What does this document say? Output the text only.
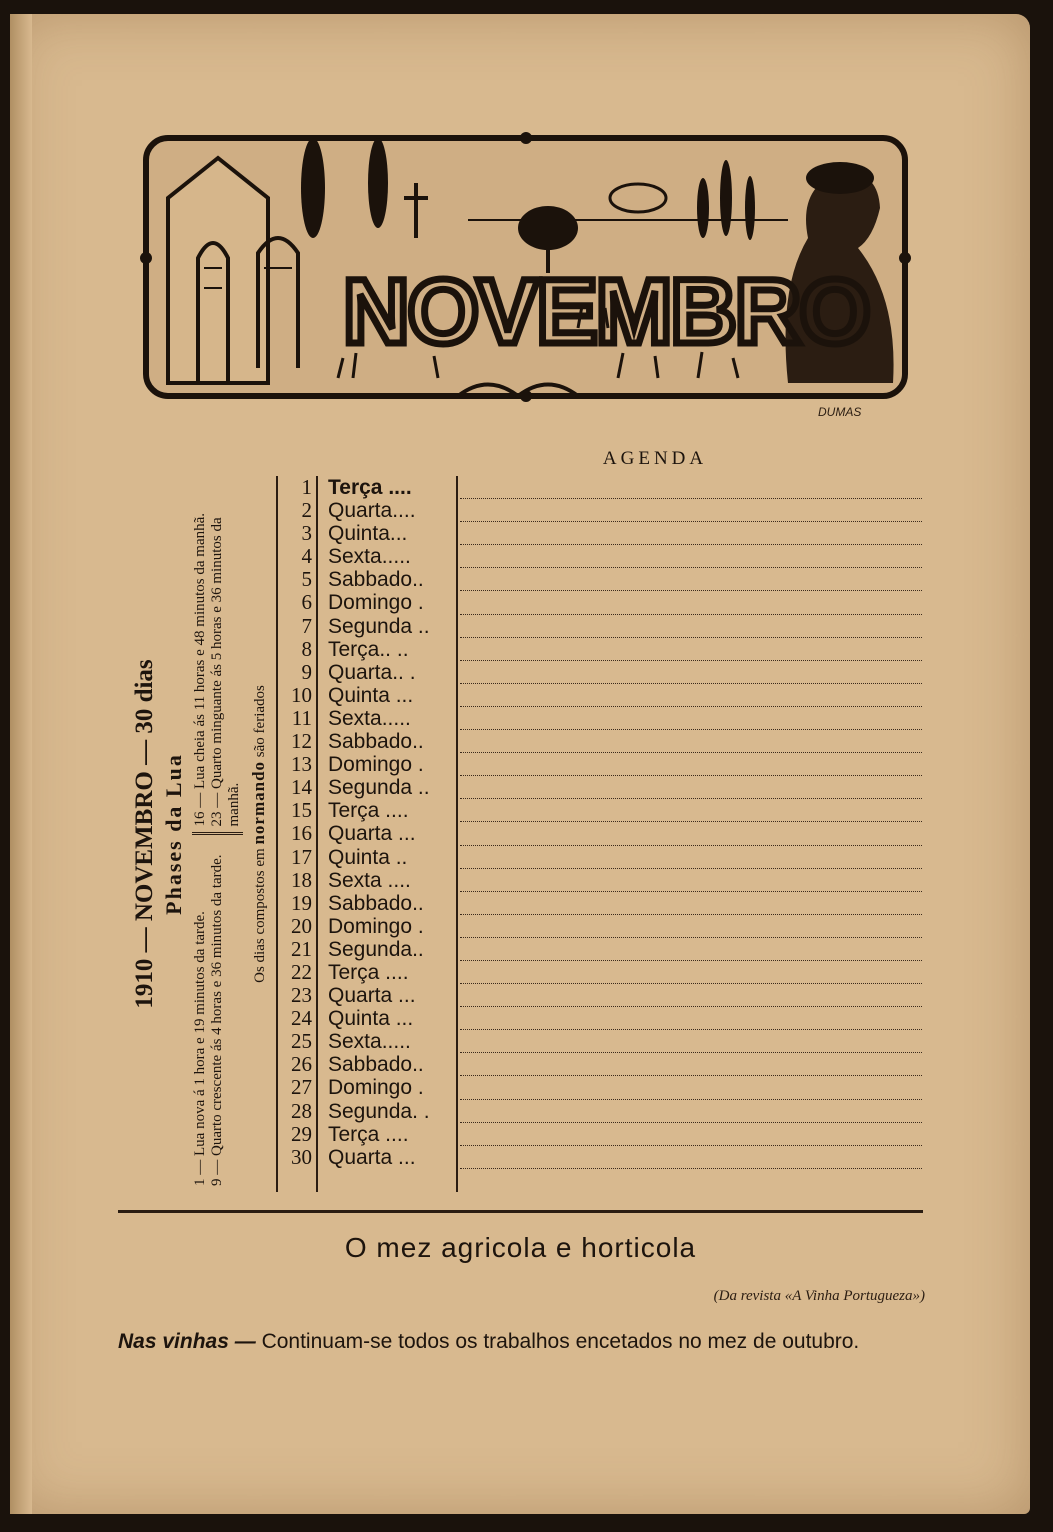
NOVEMBRO
DUMAS
AGENDA
1910 — NOVEMBRO — 30 dias Phases da Lua
1 — Lua nova á 1 hora e 19 minutos da tarde. 9 — Quarto crescente ás 4 horas e 36 minutos da tarde.
16 — Lua cheia ás 11 horas e 48 minutos da manhã. 23 — Quarto minguante ás 5 horas e 36 minutos da manhã.
Os dias compostos em normando são feriados
1 Terça ....
2 Quarta....
3 Quinta...
4 Sexta.....
5 Sabbado..
6 Domingo .
7 Segunda ..
8 Terça.. ..
9 Quarta.. .
10 Quinta ...
11 Sexta.....
12 Sabbado..
13 Domingo .
14 Segunda ..
15 Terça ....
16 Quarta ...
17 Quinta ..
18 Sexta ....
19 Sabbado..
20 Domingo .
21 Segunda..
22 Terça ....
23 Quarta ...
24 Quinta ...
25 Sexta.....
26 Sabbado..
27 Domingo .
28 Segunda. .
29 Terça ....
30 Quarta ...
O mez agricola e horticola
(Da revista «A Vinha Portugueza»)
Nas vinhas — Continuam-se todos os trabalhos encetados no mez de outubro.
